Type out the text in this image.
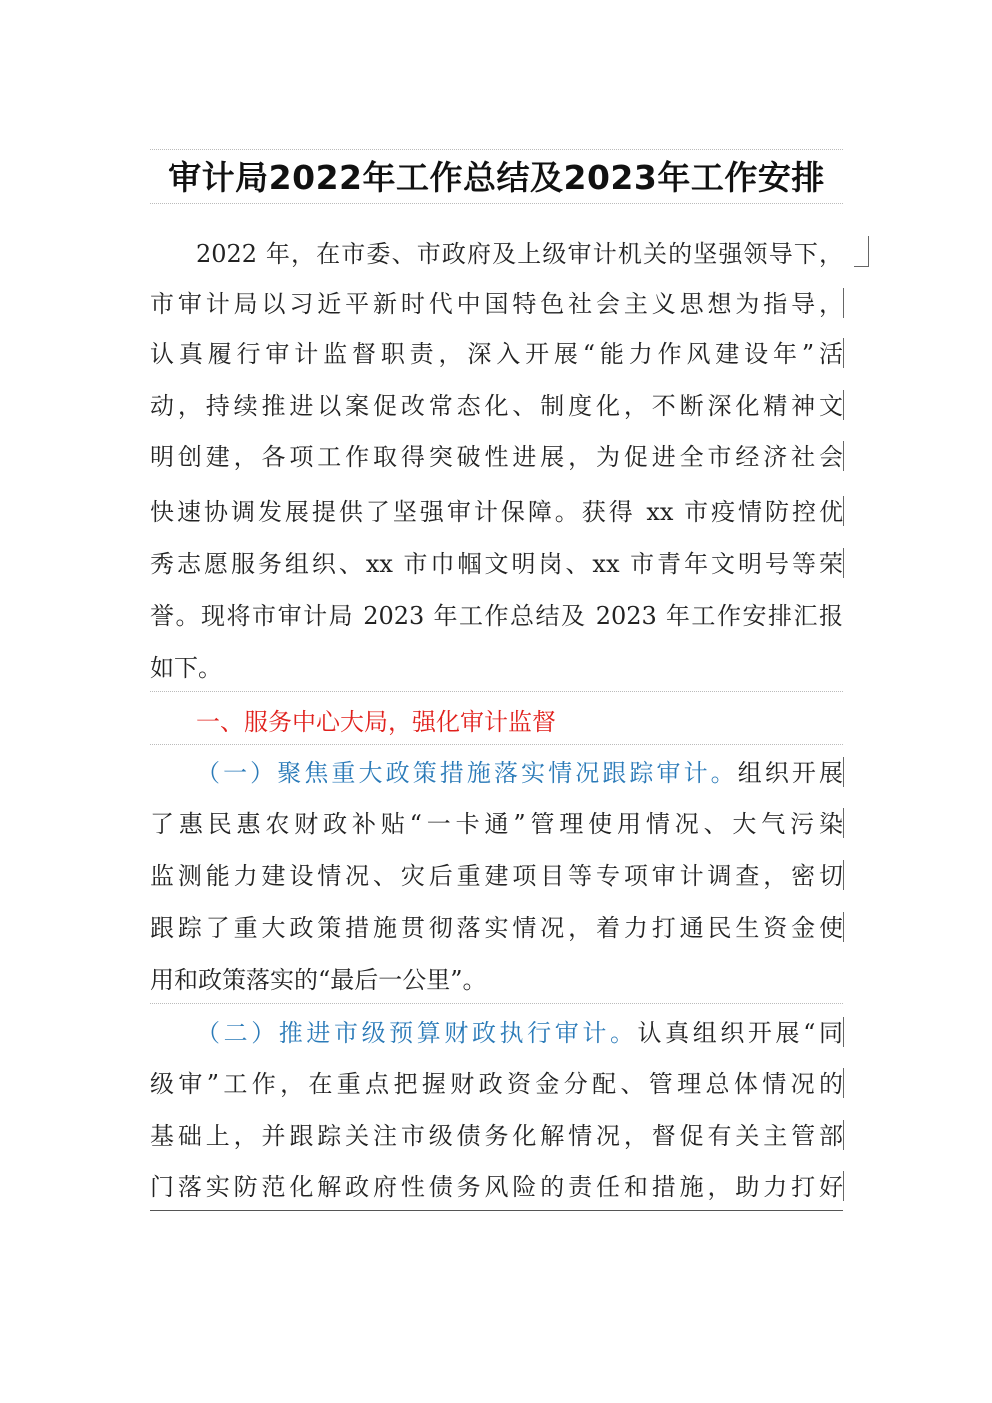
审计局2022年工作总结及2023年工作安排
2022 年，在市委、市政府及上级审计机关的坚强领导下，
市审计局以习近平新时代中国特色社会主义思想为指导，
认真履行审计监督职责，深入开展“能力作风建设年”活
动，持续推进以案促改常态化、制度化，不断深化精神文
明创建，各项工作取得突破性进展，为促进全市经济社会
快速协调发展提供了坚强审计保障。获得 xx 市疫情防控优
秀志愿服务组织、xx 市巾帼文明岗、xx 市青年文明号等荣
誉。现将市审计局 2023 年工作总结及 2023 年工作安排汇报
如下。
一、服务中心大局，强化审计监督
（一）聚焦重大政策措施落实情况跟踪审计。组织开展
了惠民惠农财政补贴“一卡通”管理使用情况、大气污染
监测能力建设情况、灾后重建项目等专项审计调查，密切
跟踪了重大政策措施贯彻落实情况，着力打通民生资金使
用和政策落实的“最后一公里”。
（二）推进市级预算财政执行审计。认真组织开展“同
级审”工作，在重点把握财政资金分配、管理总体情况的
基础上，并跟踪关注市级债务化解情况，督促有关主管部
门落实防范化解政府性债务风险的责任和措施，助力打好
